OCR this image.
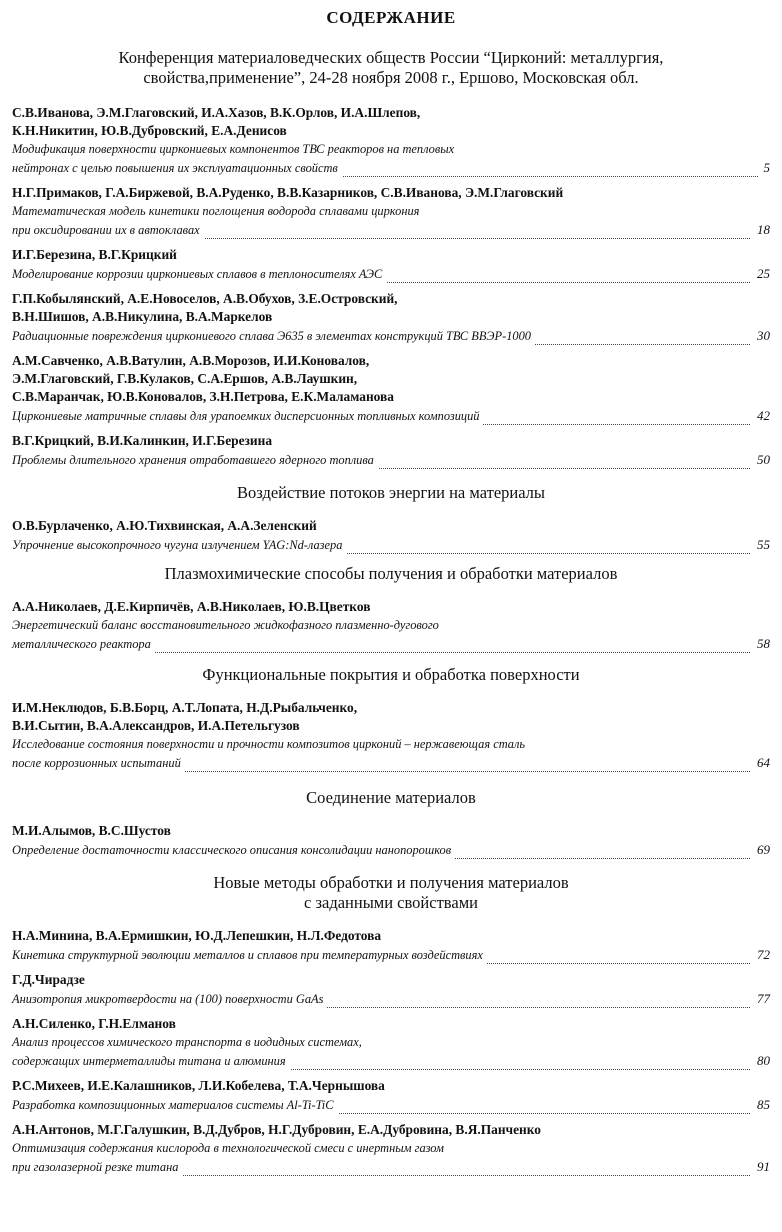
СОДЕРЖАНИЕ
Конференция материаловедческих обществ России “Цирконий: металлургия,
свойства,применение”, 24-28 ноября 2008 г., Ершово, Московская обл.
С.В.Иванова, Э.М.Глаговский, И.А.Хазов, В.К.Орлов, И.А.Шлепов,
К.Н.Никитин, Ю.В.Дубровский, Е.А.Денисов
Модификация поверхности циркониевых компонентов ТВС реакторов на тепловых
нейтронах с целью повышения их эксплуатационных свойств	5
Н.Г.Примаков, Г.А.Биржевой, В.А.Руденко, В.В.Казарников, С.В.Иванова, Э.М.Глаговский
Математическая модель кинетики поглощения водорода сплавами циркония
при оксидировании их в автоклавах	18
И.Г.Березина, В.Г.Крицкий
Моделирование коррозии циркониевых сплавов в теплоносителях АЭС	25
Г.П.Кобылянский, А.Е.Новоселов, А.В.Обухов, З.Е.Островский,
В.Н.Шишов, А.В.Никулина, В.А.Маркелов
Радиационные повреждения циркониевого сплава Э635 в элементах конструкций ТВС ВВЭР-1000	30
А.М.Савченко, А.В.Ватулин, А.В.Морозов, И.И.Коновалов,
Э.М.Глаговский, Г.В.Кулаков, С.А.Ершов, А.В.Лаушкин,
С.В.Маранчак, Ю.В.Коновалов, З.Н.Петрова, Е.К.Маламанова
Циркониевые матричные сплавы для урanoемких дисперсионных топливных композиций	42
В.Г.Крицкий, В.И.Калинкин, И.Г.Березина
Проблемы длительного хранения отработавшего ядерного топлива	50
Воздействие потоков энергии на материалы
О.В.Бурлаченко, А.Ю.Тихвинская, А.А.Зеленский
Упрочнение высокопрочного чугуна излучением YAG:Nd-лазера	55
Плазмохимические способы получения и обработки материалов
А.А.Николаев, Д.Е.Кирпичёв, А.В.Николаев, Ю.В.Цветков
Энергетический баланс восстановительного жидкофазного плазменно-дугового
металлического реактора	58
Функциональные покрытия и обработка поверхности
И.М.Неклюдов, Б.В.Борц, А.Т.Лопата, Н.Д.Рыбальченко,
В.И.Сытин, В.А.Александров, И.А.Петельгузов
Исследование состояния поверхности и прочности композитов цирконий – нержавеющая сталь
после коррозионных испытаний	64
Соединение материалов
М.И.Алымов, В.С.Шустов
Определение достаточности классического описания консолидации нанопорошков	69
Новые методы обработки и получения материалов
с заданными свойствами
Н.А.Минина, В.А.Ермишкин, Ю.Д.Лепешкин, Н.Л.Федотова
Кинетика структурной эволюции металлов и сплавов при температурных воздействиях	72
Г.Д.Чирадзе
Анизотропия микротвердости на (100) поверхности GaAs	77
А.Н.Силенко, Г.Н.Елманов
Анализ процессов химического транспорта в иодидных системах,
содержащих интерметаллиды титана и алюминия	80
Р.С.Михеев, И.Е.Калашников, Л.И.Кобелева, Т.А.Чернышова
Разработка композиционных материалов системы Al-Ti-TiC	85
А.Н.Антонов, М.Г.Галушкин, В.Д.Дубров, Н.Г.Дубровин, Е.А.Дубровина, В.Я.Панченко
Оптимизация содержания кислорода в технологической смеси с инертным газом
при газолазерной резке титана	91
